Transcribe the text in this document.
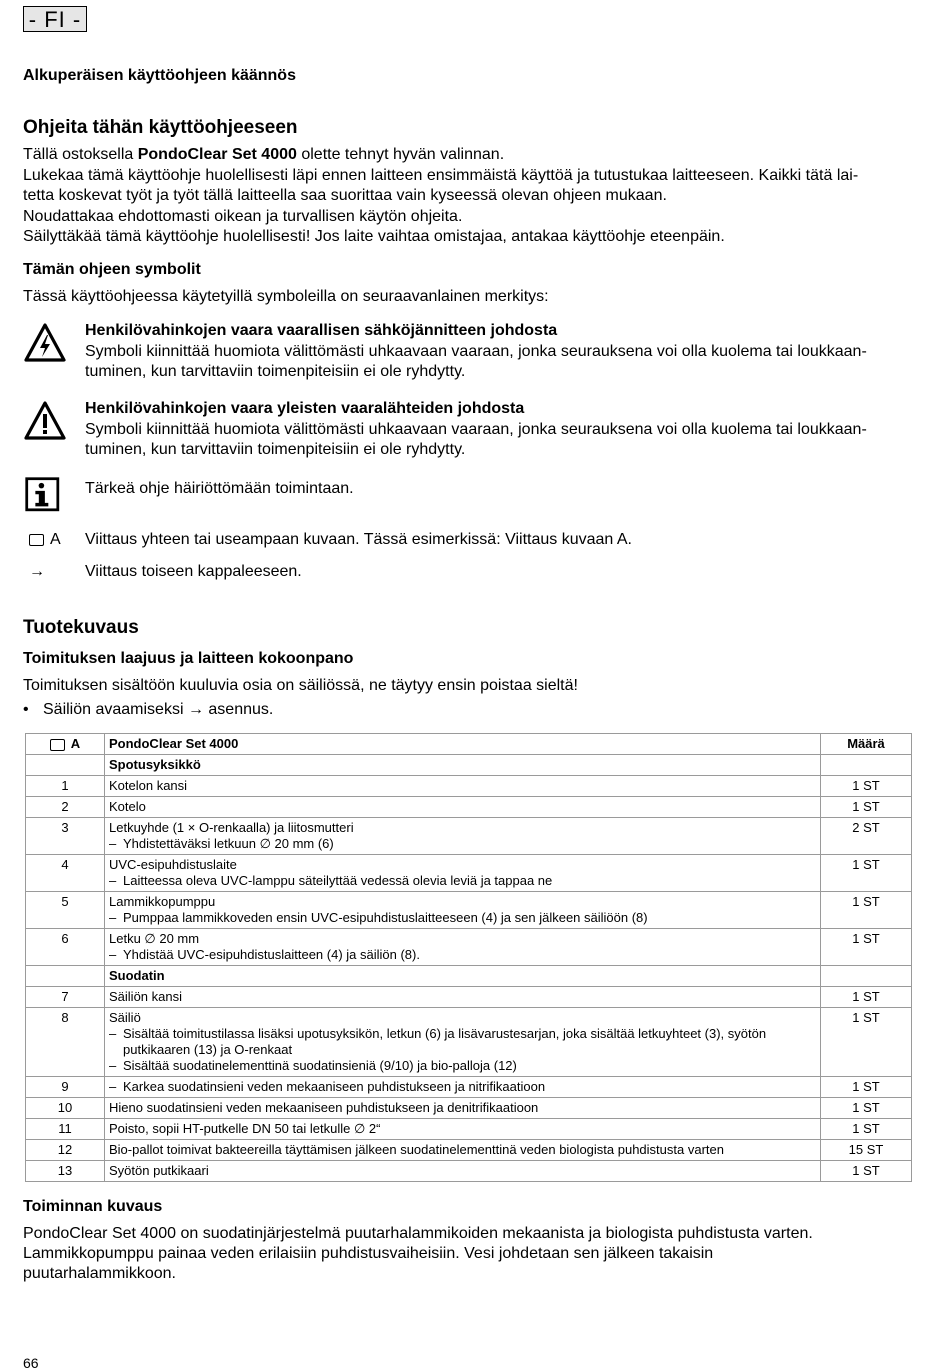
- FI -
Alkuperäisen käyttöohjeen käännös
Ohjeita tähän käyttöohjeeseen
Tällä ostoksella PondoClear Set 4000 olette tehnyt hyvän valinnan.
Lukekaa tämä käyttöohje huolellisesti läpi ennen laitteen ensimmäistä käyttöä ja tutustukaa laitteeseen. Kaikki tätä lai-
tetta koskevat työt ja työt tällä laitteella saa suorittaa vain kyseessä olevan ohjeen mukaan.
Noudattakaa ehdottomasti oikean ja turvallisen käytön ohjeita.
Säilyttäkää tämä käyttöohje huolellisesti! Jos laite vaihtaa omistajaa, antakaa käyttöohje eteenpäin.
Tämän ohjeen symbolit
Tässä käyttöohjeessa käytetyillä symboleilla on seuraavanlainen merkitys:
Henkilövahinkojen vaara vaarallisen sähköjännitteen johdosta
Symboli kiinnittää huomiota välittömästi uhkaavaan vaaraan, jonka seurauksena voi olla kuolema tai loukkaan-
tuminen, kun tarvittaviin toimenpiteisiin ei ole ryhdytty.
Henkilövahinkojen vaara yleisten vaaralähteiden johdosta
Symboli kiinnittää huomiota välittömästi uhkaavaan vaaraan, jonka seurauksena voi olla kuolema tai loukkaan-
tuminen, kun tarvittaviin toimenpiteisiin ei ole ryhdytty.
Tärkeä ohje häiriöttömään toimintaan.
A Viittaus yhteen tai useampaan kuvaan. Tässä esimerkissä: Viittaus kuvaan A.
→	Viittaus toiseen kappaleeseen.
Tuotekuvaus
Toimituksen laajuus ja laitteen kokoonpano
Toimituksen sisältöön kuuluvia osia on säiliössä, ne täytyy ensin poistaa sieltä!
• Säiliön avaamiseksi → asennus.
A	PondoClear Set 4000	Määrä
	Spotusyksikkö	
1	Kotelon kansi	1 ST
2	Kotelo	1 ST
3	Letkuyhde (1 × O-renkaalla) ja liitosmutteri
– Yhdistettäväksi letkuun ∅ 20 mm (6)	2 ST
4	UVC-esipuhdistuslaite
– Laitteessa oleva UVC-lamppu säteilyttää vedessä olevia leviä ja tappaa ne	1 ST
5	Lammikkopumppu
– Pumppaa lammikkoveden ensin UVC-esipuhdistuslaitteeseen (4) ja sen jälkeen säiliöön (8)	1 ST
6	Letku ∅ 20 mm
– Yhdistää UVC-esipuhdistuslaitteen (4) ja säiliön (8).	1 ST
	Suodatin	
7	Säiliön kansi	1 ST
8	Säiliö
– Sisältää toimitustilassa lisäksi upotusyksikön, letkun (6) ja lisävarustesarjan, joka sisältää letkuyhteet (3), syötön
putkikaaren (13) ja O-renkaat
– Sisältää suodatinelementtinä suodatinsieniä (9/10) ja bio-palloja (12)	1 ST
9	– Karkea suodatinsieni veden mekaaniseen puhdistukseen ja nitrifikaatioon	1 ST
10	Hieno suodatinsieni veden mekaaniseen puhdistukseen ja denitrifikaatioon	1 ST
11	Poisto, sopii HT-putkelle DN 50 tai letkulle ∅ 2“	1 ST
12	Bio-pallot toimivat bakteereilla täyttämisen jälkeen suodatinelementtinä veden biologista puhdistusta varten	15 ST
13	Syötön putkikaari	1 ST
Toiminnan kuvaus
PondoClear Set 4000 on suodatinjärjestelmä puutarhalammikoiden mekaanista ja biologista puhdistusta varten.
Lammikkopumppu painaa veden erilaisiin puhdistusvaiheisiin. Vesi johdetaan sen jälkeen takaisin
puutarhalammikkoon.
66
